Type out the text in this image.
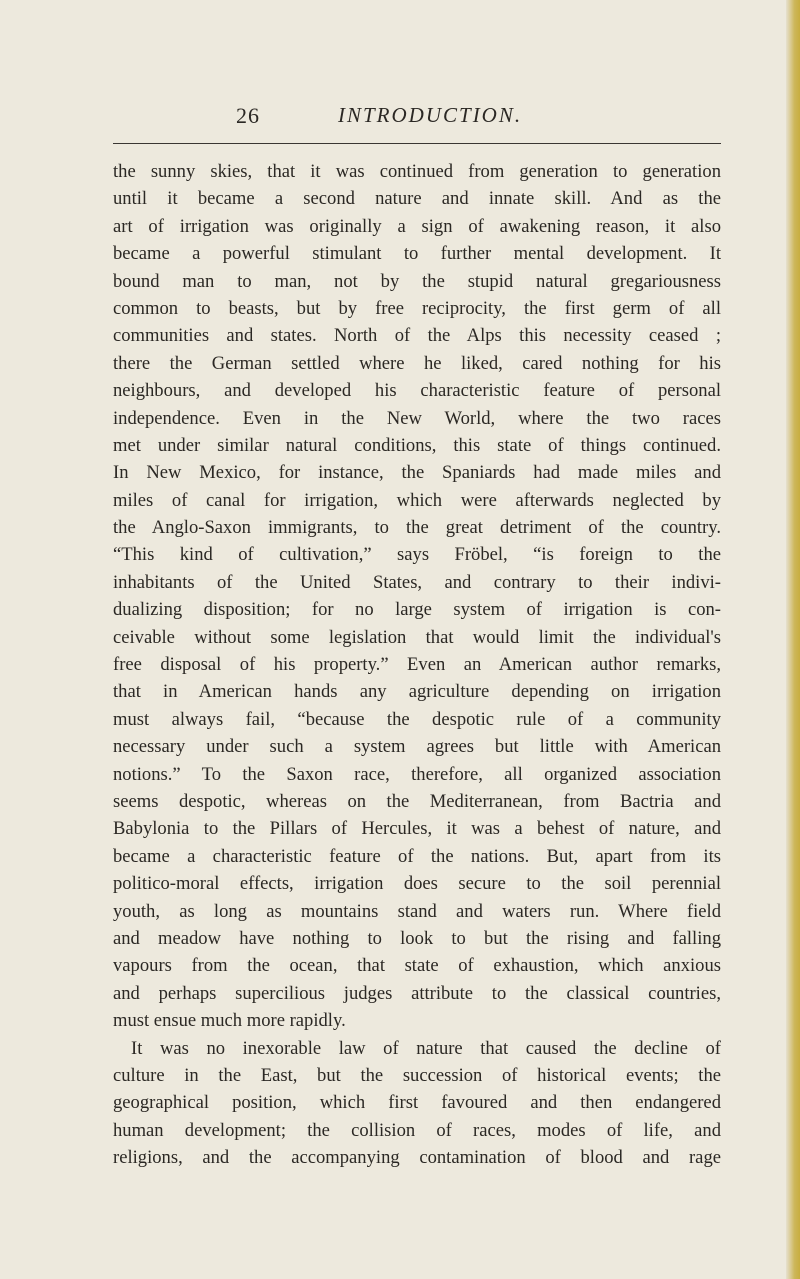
26	INTRODUCTION.
the sunny skies, that it was continued from generation to generation
until it became a second nature and innate skill. And as the
art of irrigation was originally a sign of awakening reason, it also
became a powerful stimulant to further mental development. It
bound man to man, not by the stupid natural gregariousness
common to beasts, but by free reciprocity, the first germ of all
communities and states. North of the Alps this necessity ceased ;
there the German settled where he liked, cared nothing for his
neighbours, and developed his characteristic feature of personal
independence. Even in the New World, where the two races
met under similar natural conditions, this state of things continued.
In New Mexico, for instance, the Spaniards had made miles and
miles of canal for irrigation, which were afterwards neglected by
the Anglo-Saxon immigrants, to the great detriment of the country.
“This kind of cultivation,” says Fröbel, “is foreign to the
inhabitants of the United States, and contrary to their indivi-
dualizing disposition; for no large system of irrigation is con-
ceivable without some legislation that would limit the individual's
free disposal of his property.” Even an American author remarks,
that in American hands any agriculture depending on irrigation
must always fail, “because the despotic rule of a community
necessary under such a system agrees but little with American
notions.” To the Saxon race, therefore, all organized association
seems despotic, whereas on the Mediterranean, from Bactria and
Babylonia to the Pillars of Hercules, it was a behest of nature, and
became a characteristic feature of the nations. But, apart from its
politico-moral effects, irrigation does secure to the soil perennial
youth, as long as mountains stand and waters run. Where field
and meadow have nothing to look to but the rising and falling
vapours from the ocean, that state of exhaustion, which anxious
and perhaps supercilious judges attribute to the classical countries,
must ensue much more rapidly.
It was no inexorable law of nature that caused the decline of
culture in the East, but the succession of historical events; the
geographical position, which first favoured and then endangered
human development; the collision of races, modes of life, and
religions, and the accompanying contamination of blood and rage
